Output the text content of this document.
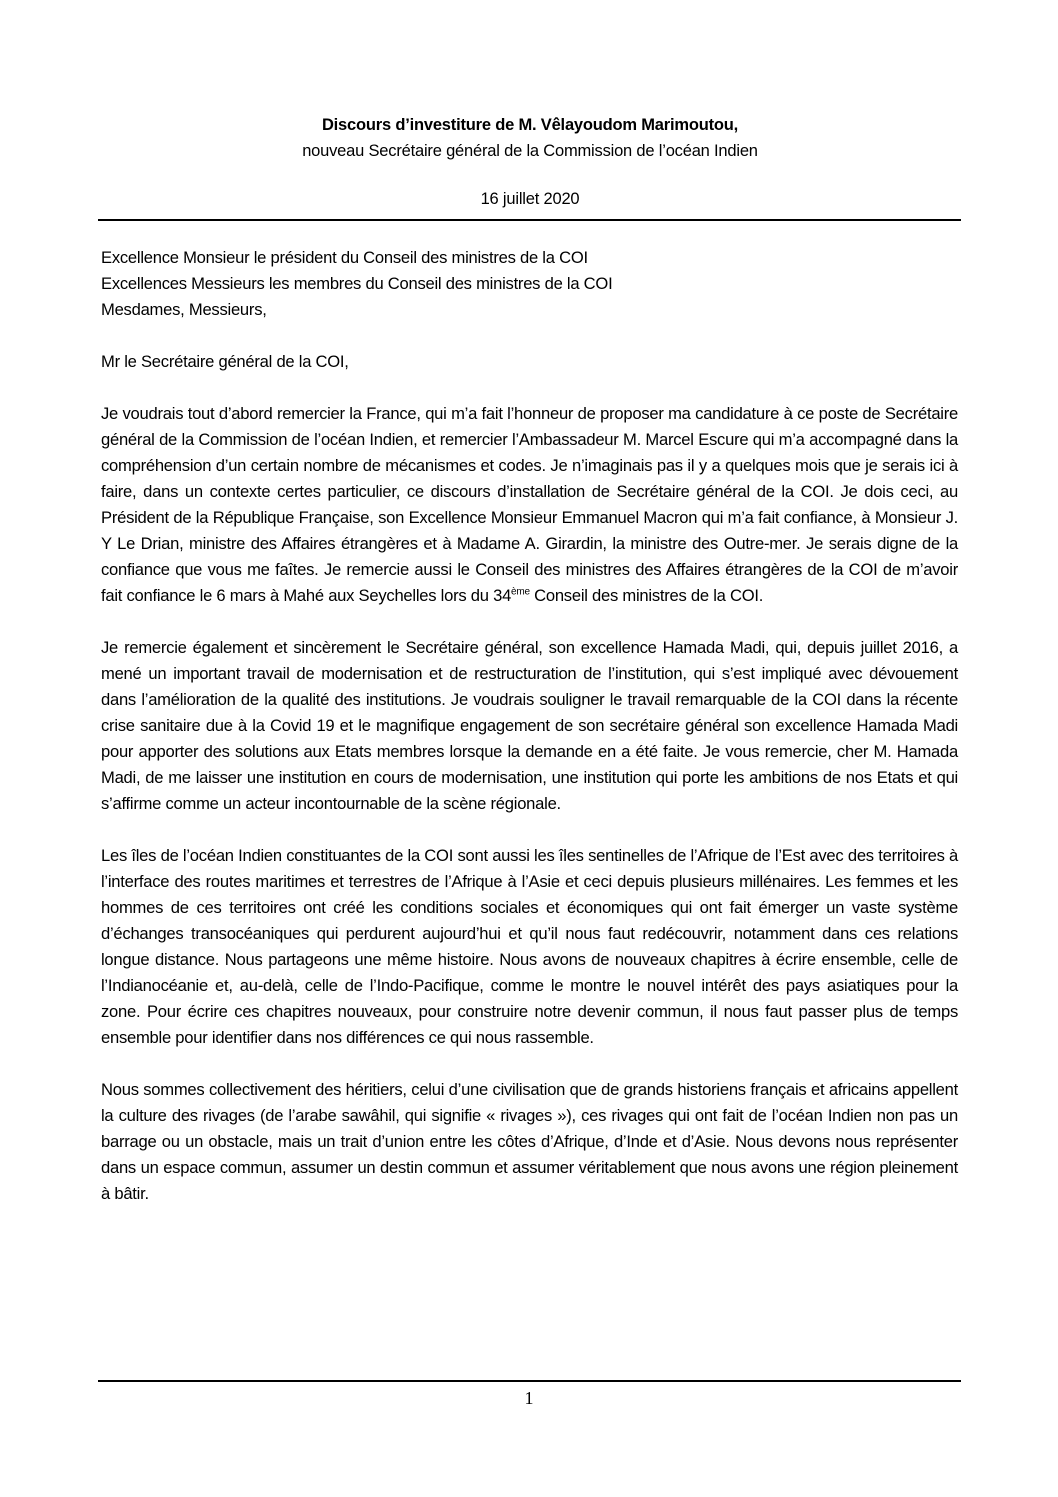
Discours d’investiture de M. Vêlayoudom Marimoutou,
nouveau Secrétaire général de la Commission de l’océan Indien
16 juillet 2020

Excellence Monsieur le président du Conseil des ministres de la COI

Excellences Messieurs les membres du Conseil des ministres de la COI

Mesdames, Messieurs,

Mr le Secrétaire général de la COI,

Je voudrais tout d’abord remercier la France, qui m’a fait l’honneur de proposer ma candidature à ce poste de Secrétaire général de la Commission de l’océan Indien, et remercier l’Ambassadeur M. Marcel Escure qui m’a accompagné dans la compréhension d’un certain nombre de mécanismes et codes. Je n’imaginais pas il y a quelques mois que je serais ici à faire, dans un contexte certes particulier, ce discours d’installation de Secrétaire général de la COI. Je dois ceci, au Président de la République Française, son Excellence Monsieur Emmanuel Macron qui m’a fait confiance, à Monsieur J. Y Le Drian, ministre des Affaires étrangères et à Madame A. Girardin, la ministre des Outre-mer. Je serais digne de la confiance que vous me faîtes. Je remercie aussi le Conseil des ministres des Affaires étrangères de la COI de m’avoir fait confiance le 6 mars à Mahé aux Seychelles lors du 34ème Conseil des ministres de la COI.

Je remercie également et sincèrement le Secrétaire général, son excellence Hamada Madi, qui, depuis juillet 2016, a mené un important travail de modernisation et de restructuration de l’institution, qui s’est impliqué avec dévouement dans l’amélioration de la qualité des institutions. Je voudrais souligner le travail remarquable de la COI dans la récente crise sanitaire due à la Covid 19 et le magnifique engagement de son secrétaire général son excellence Hamada Madi pour apporter des solutions aux Etats membres lorsque la demande en a été faite. Je vous remercie, cher M. Hamada Madi, de me laisser une institution en cours de modernisation, une institution qui porte les ambitions de nos Etats et qui s’affirme comme un acteur incontournable de la scène régionale.

Les îles de l’océan Indien constituantes de la COI sont aussi les îles sentinelles de l’Afrique de l’Est avec des territoires à l’interface des routes maritimes et terrestres de l’Afrique à l’Asie et ceci depuis plusieurs millénaires. Les femmes et les hommes de ces territoires ont créé les conditions sociales et économiques qui ont fait émerger un vaste système d’échanges transocéaniques qui perdurent aujourd’hui et qu’il nous faut redécouvrir, notamment dans ces relations longue distance. Nous partageons une même histoire. Nous avons de nouveaux chapitres à écrire ensemble, celle de l’Indianocéanie et, au-delà, celle de l’Indo-Pacifique, comme le montre le nouvel intérêt des pays asiatiques pour la zone. Pour écrire ces chapitres nouveaux, pour construire notre devenir commun, il nous faut passer plus de temps ensemble pour identifier dans nos différences ce qui nous rassemble.

Nous sommes collectivement des héritiers, celui d’une civilisation que de grands historiens français et africains appellent la culture des rivages (de l’arabe sawâhil, qui signifie « rivages »), ces rivages qui ont fait de l’océan Indien non pas un barrage ou un obstacle, mais un trait d’union entre les côtes d’Afrique, d’Inde et d’Asie. Nous devons nous représenter dans un espace commun, assumer un destin commun et assumer véritablement que nous avons une région pleinement à bâtir.

1
